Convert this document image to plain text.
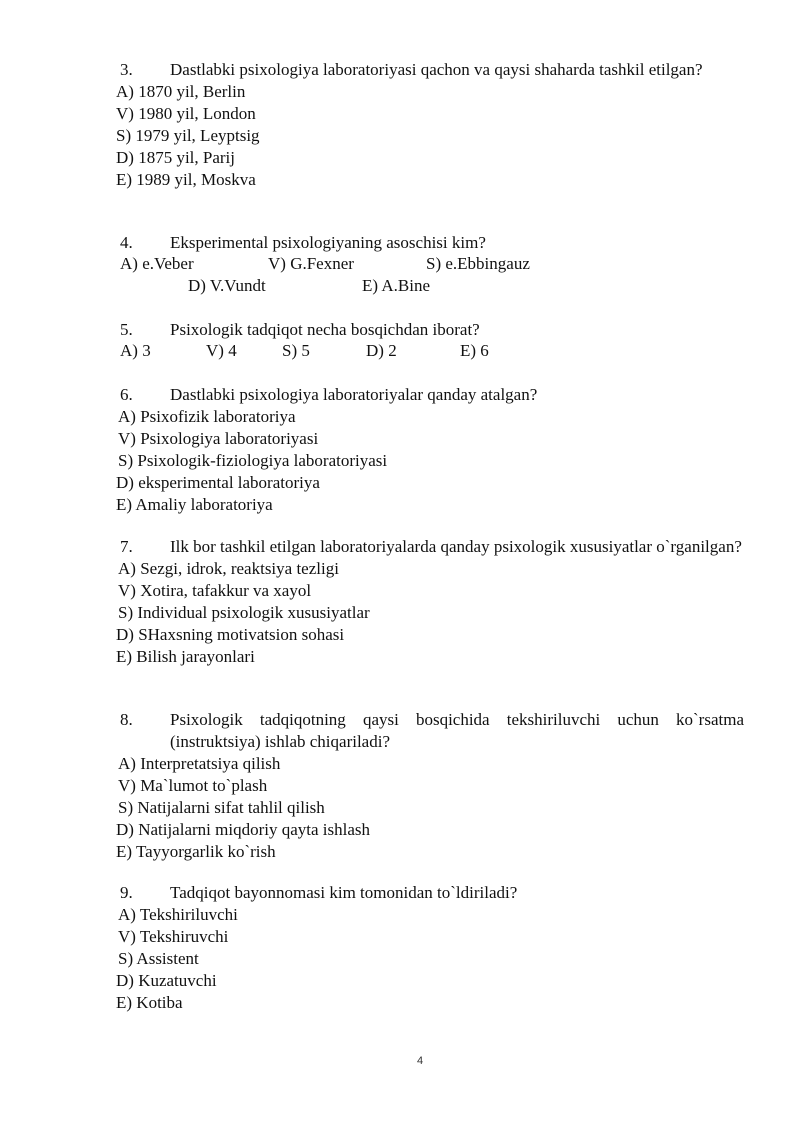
3. Dastlabki psixologiya laboratoriyasi qachon va qaysi shaharda tashkil etilgan?
A) 1870 yil, Berlin
V) 1980 yil, London
S) 1979 yil, Leyptsig
D) 1875 yil, Parij
E) 1989 yil, Moskva
4. Eksperimental psixologiyaning asoschisi kim?
A) e.Veber	V) G.Fexner	S) e.Ebbingauz
D) V.Vundt	E) A.Bine
5. Psixologik tadqiqot necha bosqichdan iborat?
A) 3	V) 4	S) 5	D) 2	E) 6
6. Dastlabki psixologiya laboratoriyalar qanday atalgan?
A) Psixofizik laboratoriya
V) Psixologiya laboratoriyasi
S) Psixologik-fiziologiya laboratoriyasi
D) eksperimental laboratoriya
E) Amaliy laboratoriya
7. Ilk bor tashkil etilgan laboratoriyalarda qanday psixologik xususiyatlar o`rganilgan?
A) Sezgi, idrok, reaktsiya tezligi
V) Xotira, tafakkur va xayol
S) Individual psixologik xususiyatlar
D) SHaxsning motivatsion sohasi
E) Bilish jarayonlari
8. Psixologik tadqiqotning qaysi bosqichida tekshiriluvchi uchun ko`rsatma (instruktsiya) ishlab chiqariladi?
A) Interpretatsiya qilish
V) Ma`lumot to`plash
S) Natijalarni sifat tahlil qilish
D) Natijalarni miqdoriy qayta ishlash
E) Tayyorgarlik ko`rish
9. Tadqiqot bayonnomasi kim tomonidan to`ldiriladi?
A) Tekshiriluvchi
V) Tekshiruvchi
S) Assistent
D) Kuzatuvchi
E) Kotiba
4
